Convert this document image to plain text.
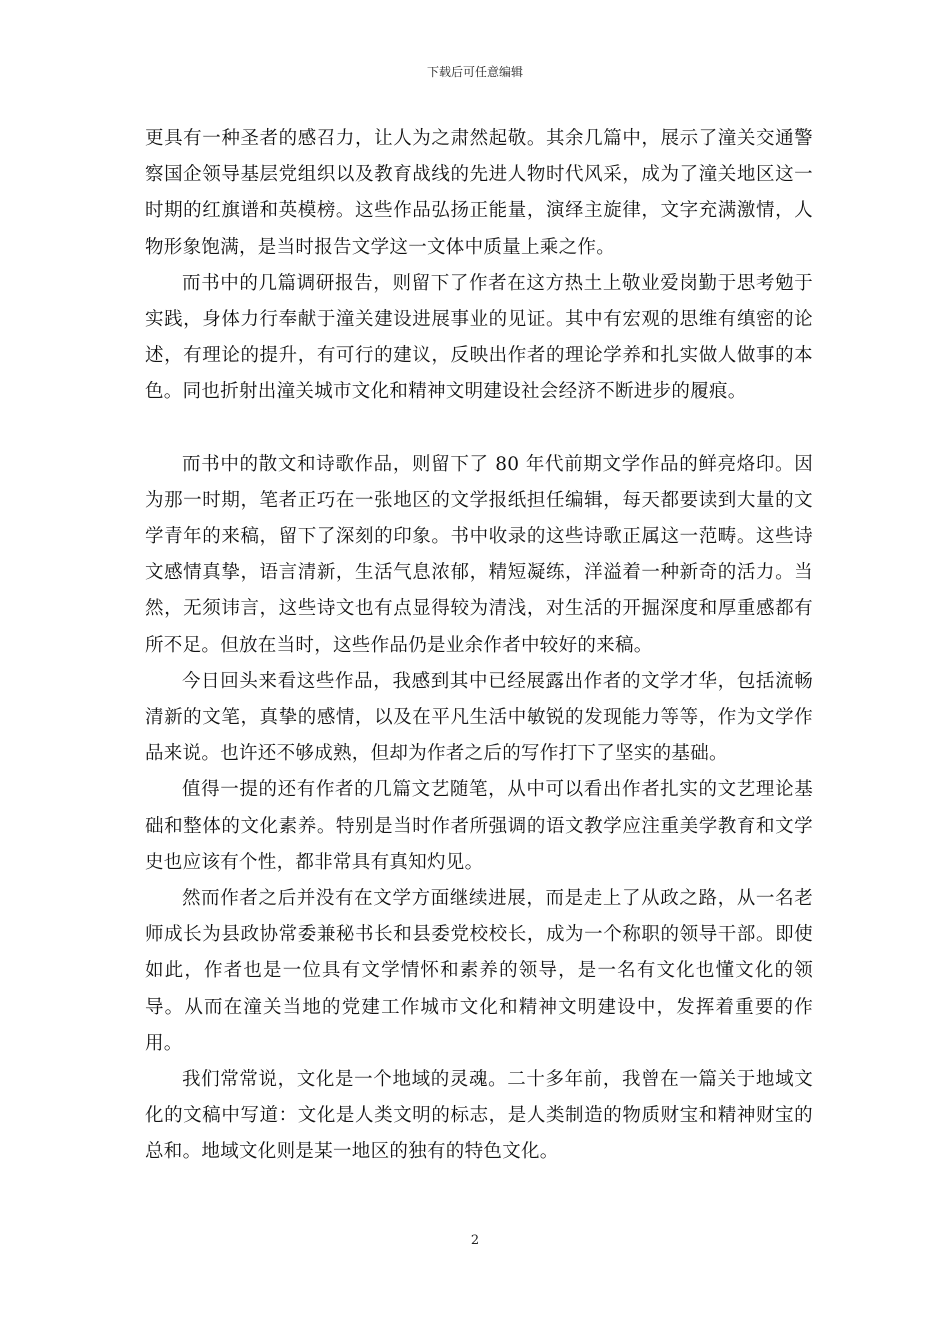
下载后可任意编辑

更具有一种圣者的感召力，让人为之肃然起敬。其余几篇中，展示了潼关交通警察国企领导基层党组织以及教育战线的先进人物时代风采，成为了潼关地区这一时期的红旗谱和英模榜。这些作品弘扬正能量，演绎主旋律，文字充满激情，人物形象饱满，是当时报告文学这一文体中质量上乘之作。

而书中的几篇调研报告，则留下了作者在这方热土上敬业爱岗勤于思考勉于实践，身体力行奉献于潼关建设进展事业的见证。其中有宏观的思维有缜密的论述，有理论的提升，有可行的建议，反映出作者的理论学养和扎实做人做事的本色。同也折射出潼关城市文化和精神文明建设社会经济不断进步的履痕。

而书中的散文和诗歌作品，则留下了 80 年代前期文学作品的鲜亮烙印。因为那一时期，笔者正巧在一张地区的文学报纸担任编辑，每天都要读到大量的文学青年的来稿，留下了深刻的印象。书中收录的这些诗歌正属这一范畴。这些诗文感情真挚，语言清新，生活气息浓郁，精短凝练，洋溢着一种新奇的活力。当然，无须讳言，这些诗文也有点显得较为清浅，对生活的开掘深度和厚重感都有所不足。但放在当时，这些作品仍是业余作者中较好的来稿。

今日回头来看这些作品，我感到其中已经展露出作者的文学才华，包括流畅清新的文笔，真挚的感情，以及在平凡生活中敏锐的发现能力等等，作为文学作品来说。也许还不够成熟，但却为作者之后的写作打下了坚实的基础。

值得一提的还有作者的几篇文艺随笔，从中可以看出作者扎实的文艺理论基础和整体的文化素养。特别是当时作者所强调的语文教学应注重美学教育和文学史也应该有个性，都非常具有真知灼见。

然而作者之后并没有在文学方面继续进展，而是走上了从政之路，从一名老师成长为县政协常委兼秘书长和县委党校校长，成为一个称职的领导干部。即使如此，作者也是一位具有文学情怀和素养的领导，是一名有文化也懂文化的领导。从而在潼关当地的党建工作城市文化和精神文明建设中，发挥着重要的作用。

我们常常说，文化是一个地域的灵魂。二十多年前，我曾在一篇关于地域文化的文稿中写道：文化是人类文明的标志，是人类制造的物质财宝和精神财宝的总和。地域文化则是某一地区的独有的特色文化。

2
